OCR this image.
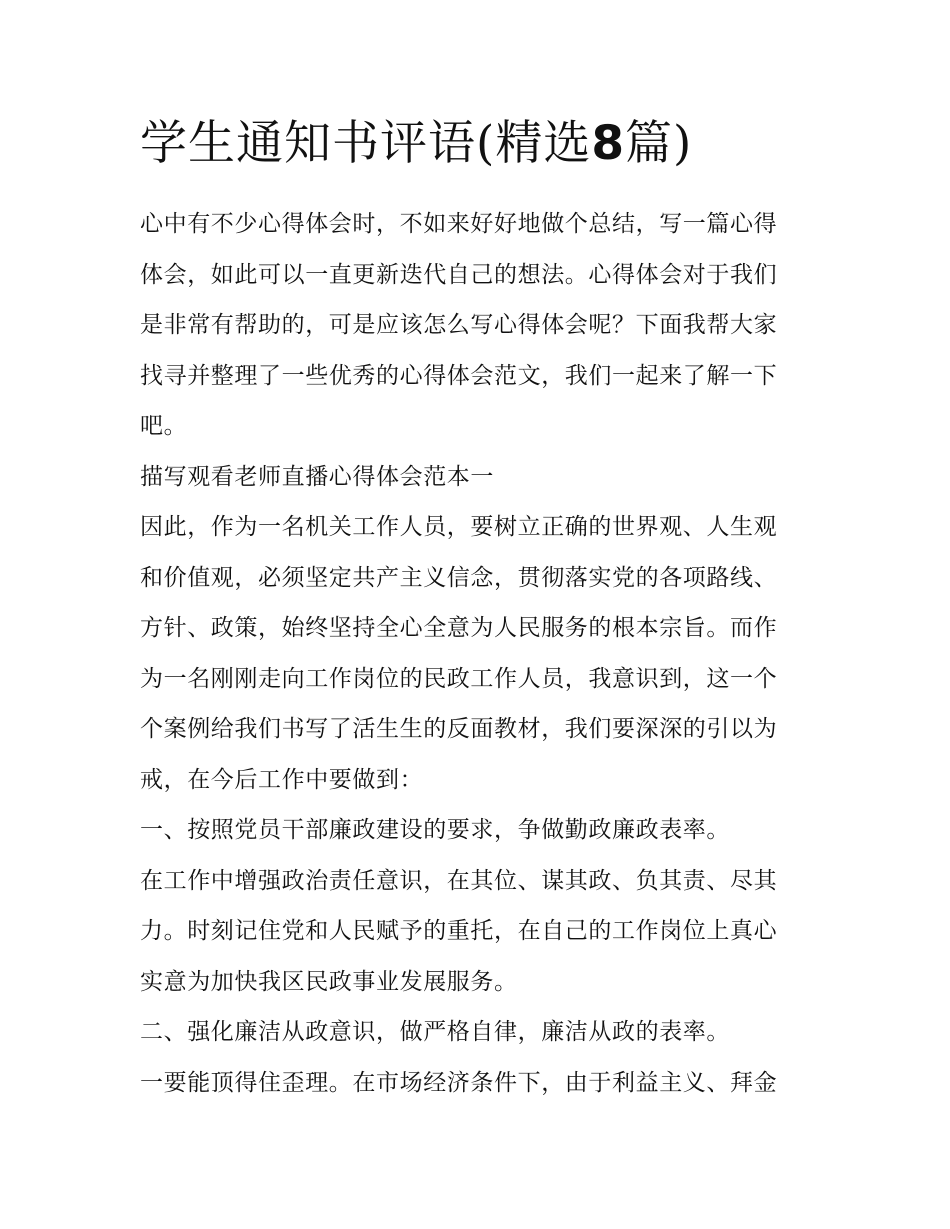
学生通知书评语(精选8篇)

心中有不少心得体会时，不如来好好地做个总结，写一篇心得

体会，如此可以一直更新迭代自己的想法。心得体会对于我们

是非常有帮助的，可是应该怎么写心得体会呢？下面我帮大家

找寻并整理了一些优秀的心得体会范文，我们一起来了解一下

吧。

描写观看老师直播心得体会范本一

因此，作为一名机关工作人员，要树立正确的世界观、人生观

和价值观，必须坚定共产主义信念，贯彻落实党的各项路线、

方针、政策，始终坚持全心全意为人民服务的根本宗旨。而作

为一名刚刚走向工作岗位的民政工作人员，我意识到，这一个

个案例给我们书写了活生生的反面教材，我们要深深的引以为

戒，在今后工作中要做到：

一、按照党员干部廉政建设的要求，争做勤政廉政表率。

在工作中增强政治责任意识，在其位、谋其政、负其责、尽其

力。时刻记住党和人民赋予的重托，在自己的工作岗位上真心

实意为加快我区民政事业发展服务。

二、强化廉洁从政意识，做严格自律，廉洁从政的表率。

一要能顶得住歪理。在市场经济条件下，由于利益主义、拜金
